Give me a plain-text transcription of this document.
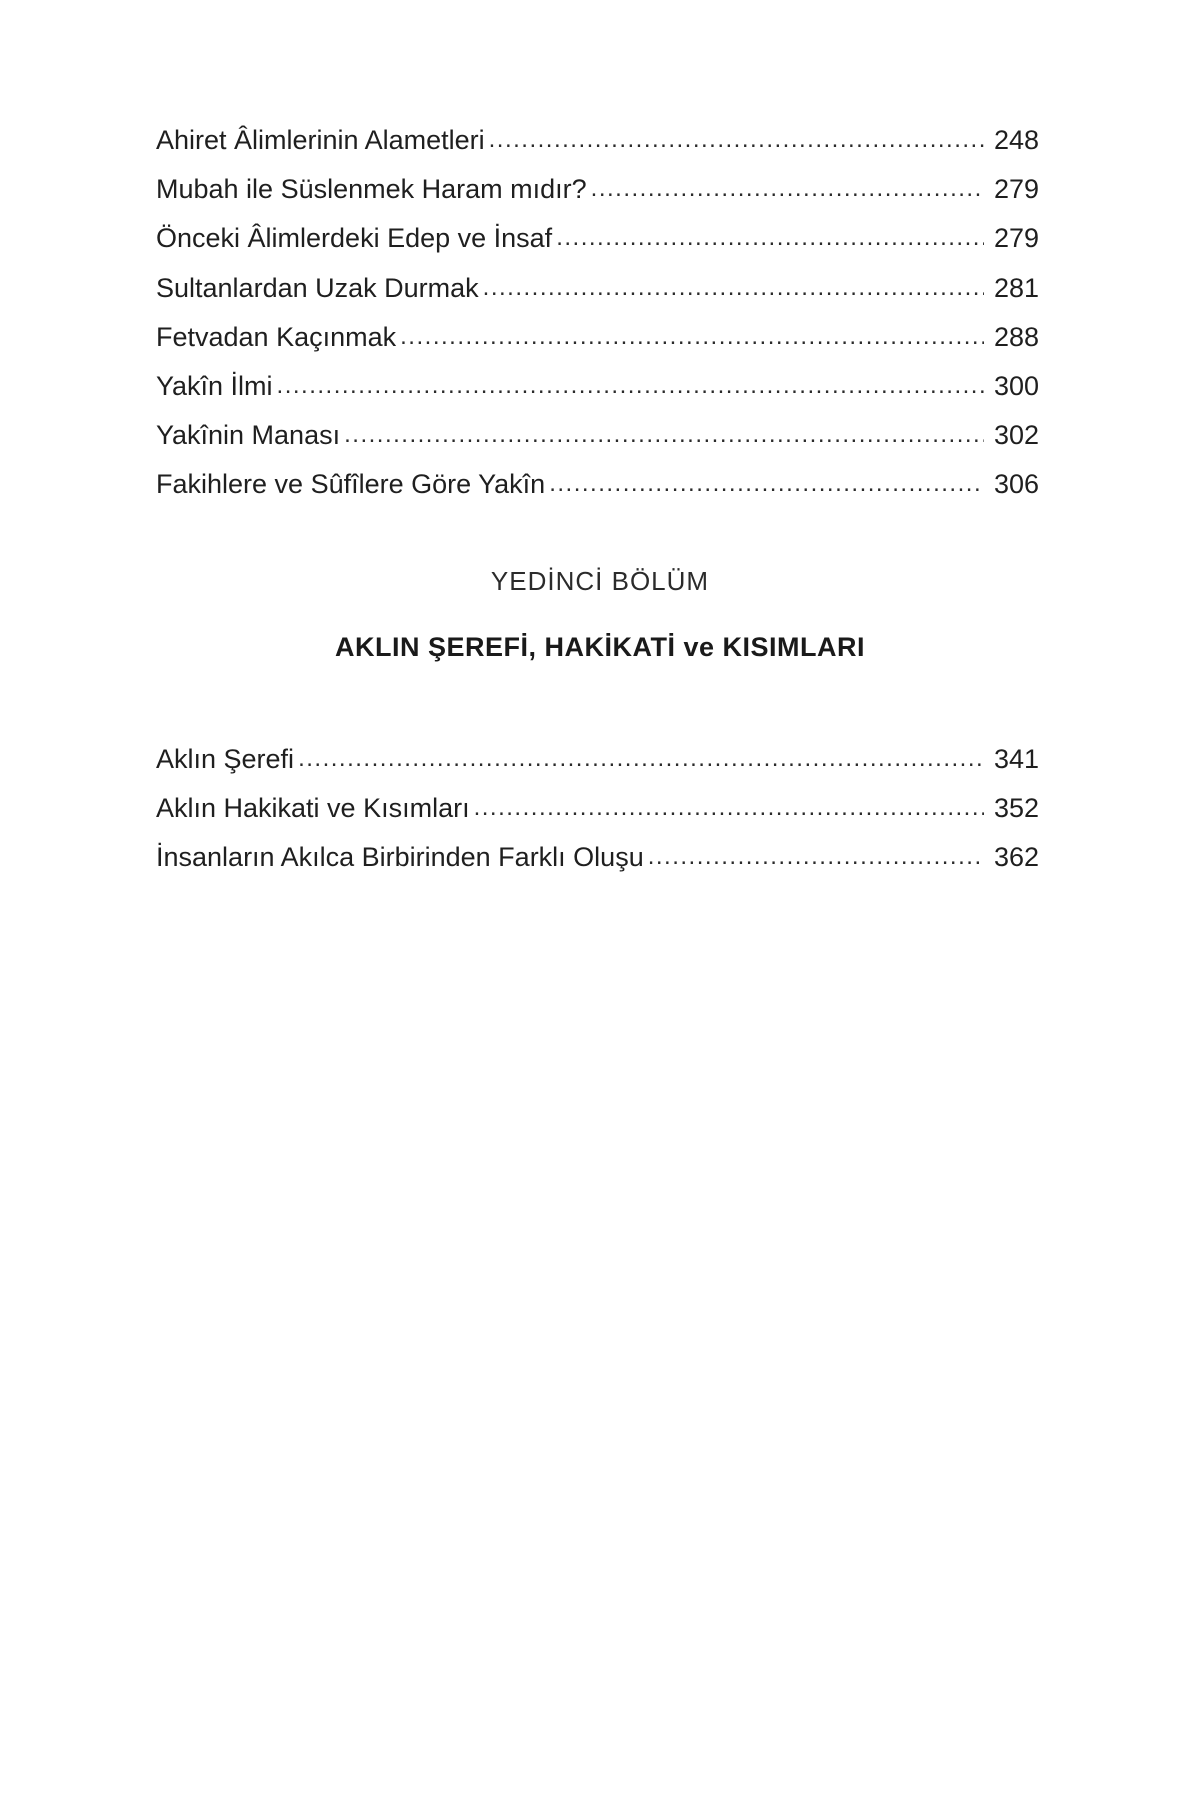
Ahiret Âlimlerinin Alametleri .....	248
Mubah ile Süslenmek Haram mıdır? .....	279
Önceki Âlimlerdeki Edep ve İnsaf .....	279
Sultanlardan Uzak Durmak .....	281
Fetvadan Kaçınmak .....	288
Yakîn İlmi .....	300
Yakînin Manası .....	302
Fakihlere ve Sûfîlere Göre Yakîn .....	306
YEDİNCİ BÖLÜM
AKLIN ŞEREFİ, HAKİKATİ ve KISIMLARI
Aklın Şerefi .....	341
Aklın Hakikati ve Kısımları .....	352
İnsanların Akılca Birbirinden Farklı Oluşu .....	362
